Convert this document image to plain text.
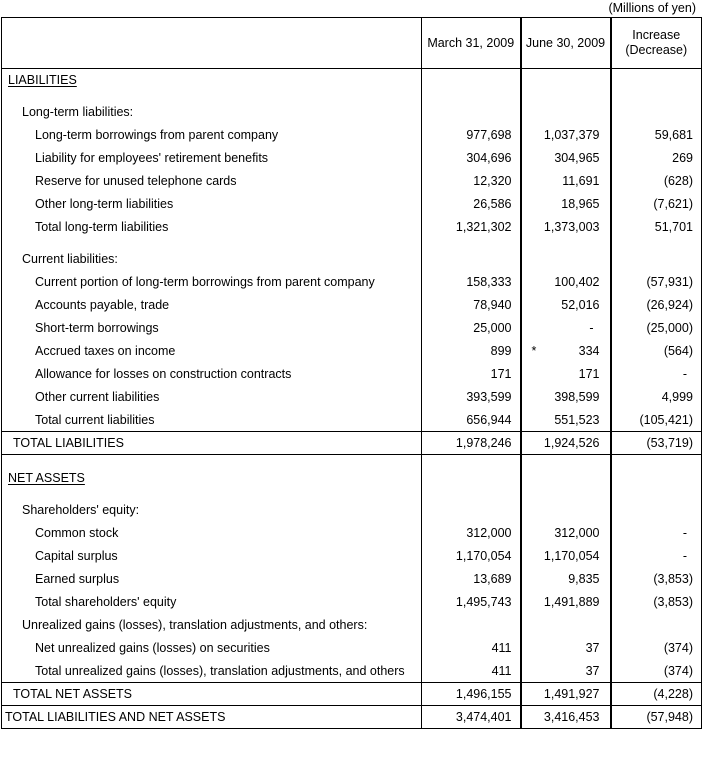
(Millions of yen)
	March 31, 2009	June 30, 2009	Increase
(Decrease)

LIABILITIES			

Long-term liabilities:			

Long-term borrowings from parent company	977,698	1,037,379	59,681

Liability for employees' retirement benefits	304,696	304,965	269

Reserve for unused telephone cards	12,320	11,691	(628)

Other long-term liabilities	26,586	18,965	(7,621)

Total long-term liabilities	1,321,302	1,373,003	51,701

Current liabilities:			

Current portion of long-term borrowings from parent company	158,333	100,402	(57,931)

Accounts payable, trade	78,940	52,016	(26,924)

Short-term borrowings	25,000	-	(25,000)

Accrued taxes on income	899	* 334	(564)

Allowance for losses on construction contracts	171	171	-

Other current liabilities	393,599	398,599	4,999

Total current liabilities	656,944	551,523	(105,421)

TOTAL LIABILITIES	1,978,246	1,924,526	(53,719)

NET ASSETS			

Shareholders' equity:			

Common stock	312,000	312,000	-

Capital surplus	1,170,054	1,170,054	-

Earned surplus	13,689	9,835	(3,853)

Total shareholders' equity	1,495,743	1,491,889	(3,853)

Unrealized gains (losses), translation adjustments, and others:			

Net unrealized gains (losses) on securities	411	37	(374)

Total unrealized gains (losses), translation adjustments, and others	411	37	(374)

TOTAL NET ASSETS	1,496,155	1,491,927	(4,228)

TOTAL LIABILITIES AND NET ASSETS	3,474,401	3,416,453	(57,948)
